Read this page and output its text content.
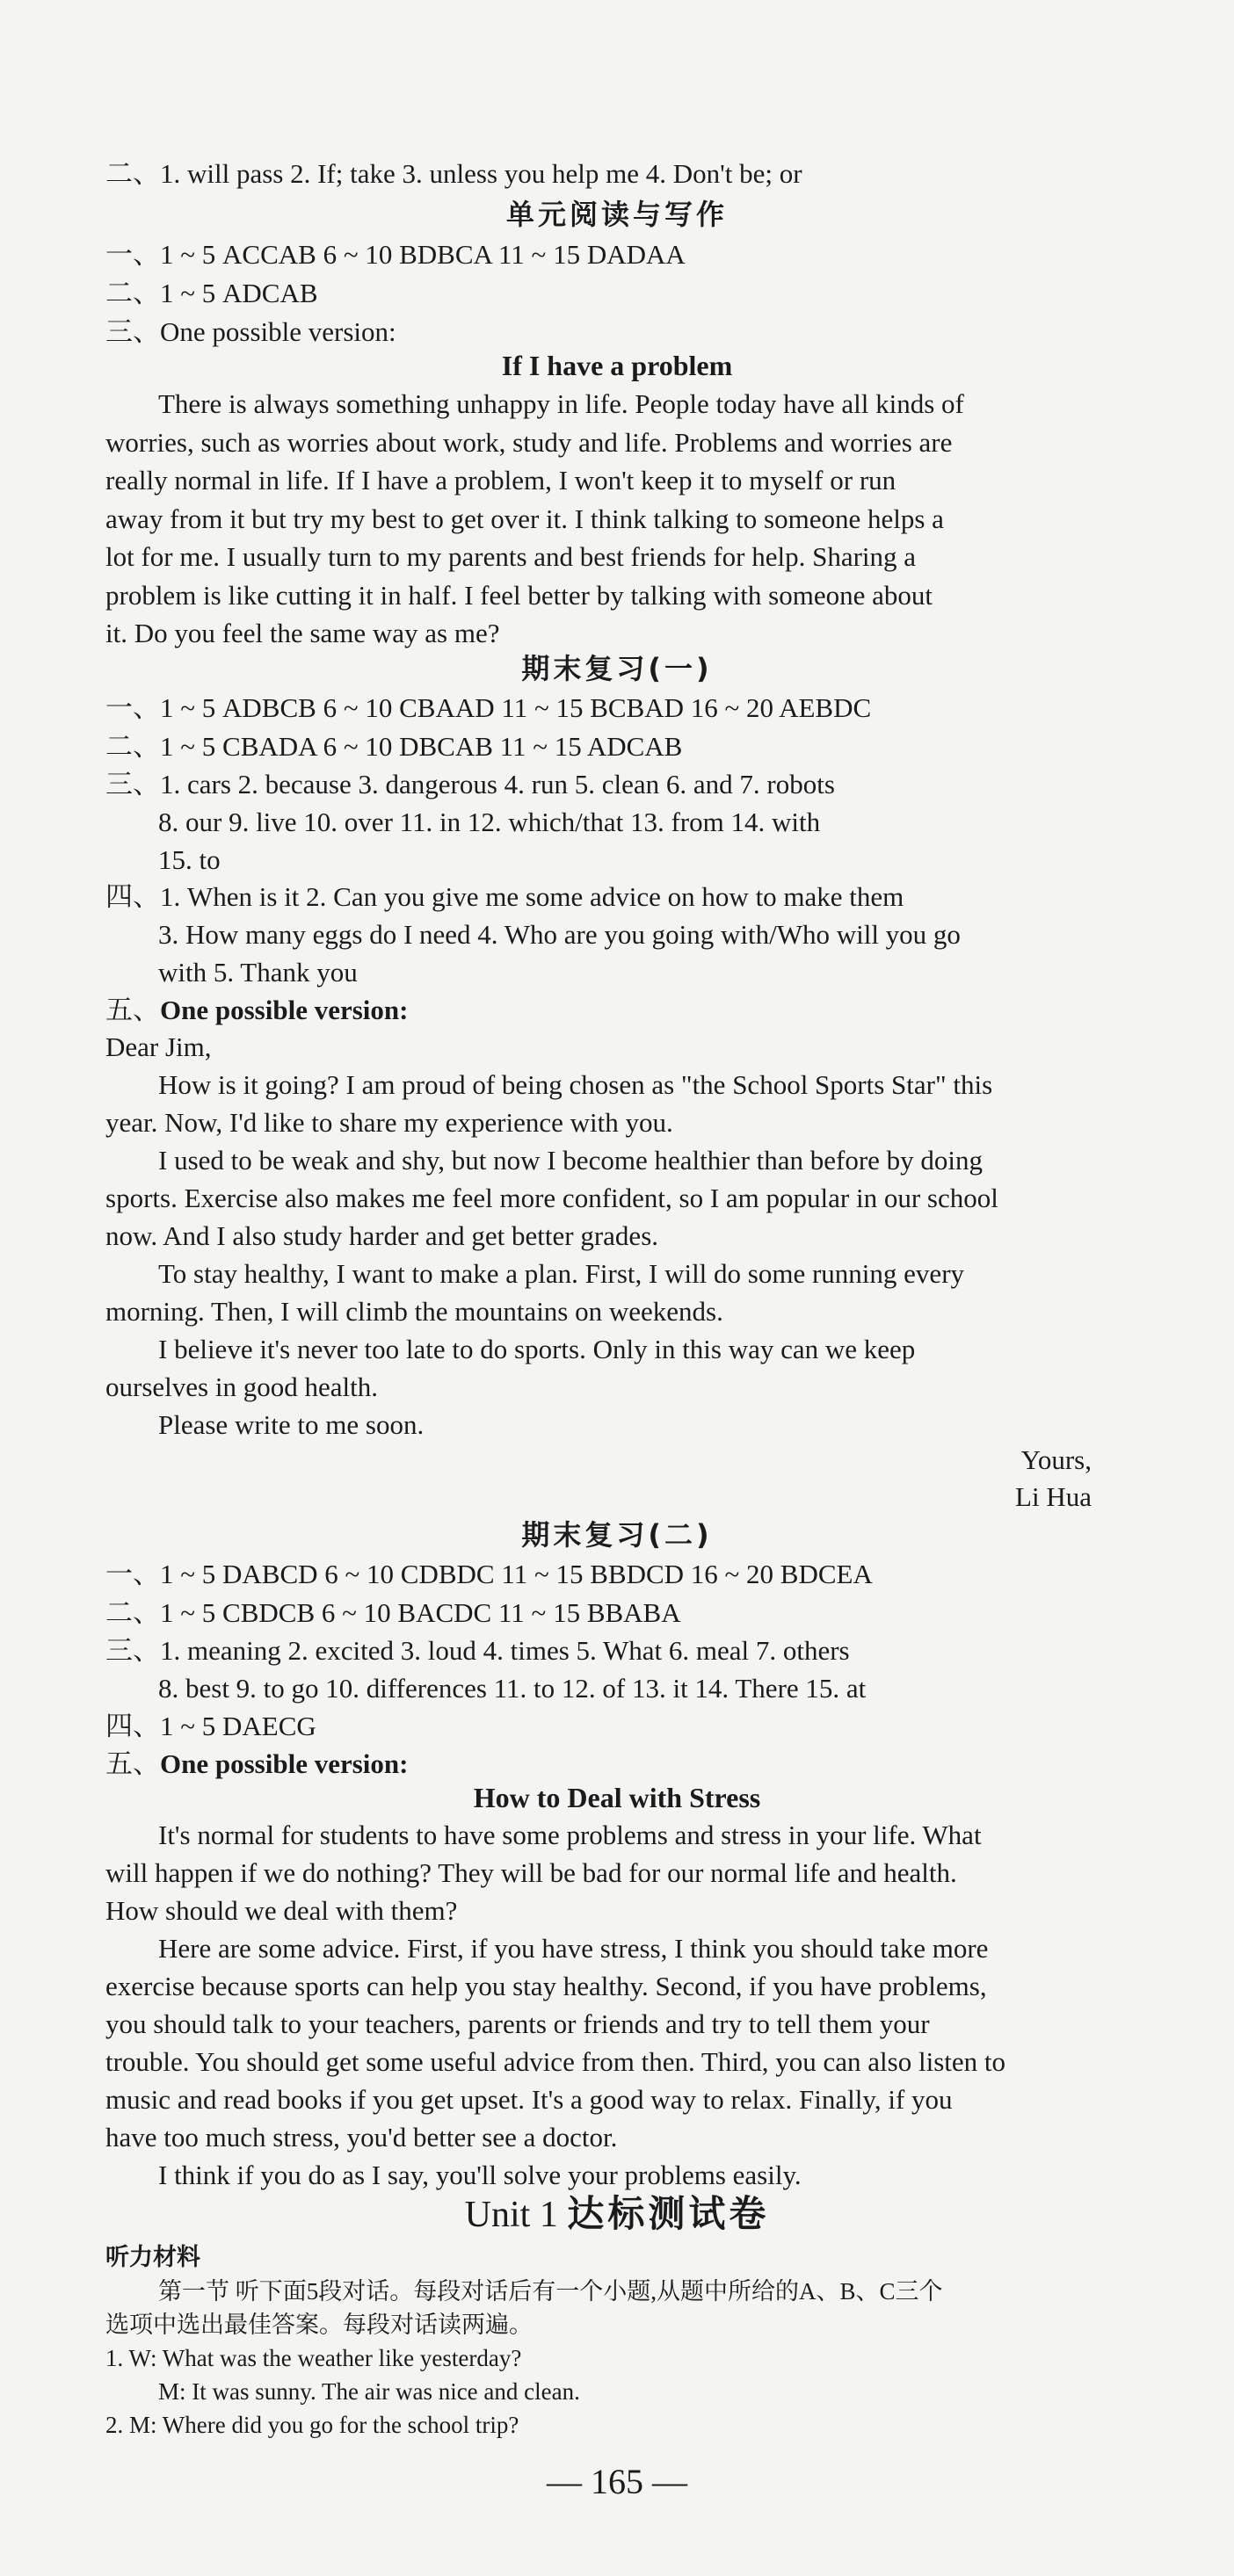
二、1. will pass 2. If; take 3. unless you help me 4. Don't be; or
单元阅读与写作
一、1 ~ 5 ACCAB 6 ~ 10 BDBCA 11 ~ 15 DADAA
二、1 ~ 5 ADCAB
三、One possible version:
If I have a problem
There is always something unhappy in life. People today have all kinds of
worries, such as worries about work, study and life. Problems and worries are
really normal in life. If I have a problem, I won't keep it to myself or run
away from it but try my best to get over it. I think talking to someone helps a
lot for me. I usually turn to my parents and best friends for help. Sharing a
problem is like cutting it in half. I feel better by talking with someone about
it. Do you feel the same way as me?
期末复习(一)
一、1 ~ 5 ADBCB 6 ~ 10 CBAAD 11 ~ 15 BCBAD 16 ~ 20 AEBDC
二、1 ~ 5 CBADA 6 ~ 10 DBCAB 11 ~ 15 ADCAB
三、1. cars 2. because 3. dangerous 4. run 5. clean 6. and 7. robots
8. our 9. live 10. over 11. in 12. which/that 13. from 14. with
15. to
四、1. When is it 2. Can you give me some advice on how to make them
3. How many eggs do I need 4. Who are you going with/Who will you go
with 5. Thank you
五、One possible version:
Dear Jim,
How is it going? I am proud of being chosen as "the School Sports Star" this
year. Now, I'd like to share my experience with you.
I used to be weak and shy, but now I become healthier than before by doing
sports. Exercise also makes me feel more confident, so I am popular in our school
now. And I also study harder and get better grades.
To stay healthy, I want to make a plan. First, I will do some running every
morning. Then, I will climb the mountains on weekends.
I believe it's never too late to do sports. Only in this way can we keep
ourselves in good health.
Please write to me soon.
Yours,
Li Hua
期末复习(二)
一、1 ~ 5 DABCD 6 ~ 10 CDBDC 11 ~ 15 BBDCD 16 ~ 20 BDCEA
二、1 ~ 5 CBDCB 6 ~ 10 BACDC 11 ~ 15 BBABA
三、1. meaning 2. excited 3. loud 4. times 5. What 6. meal 7. others
8. best 9. to go 10. differences 11. to 12. of 13. it 14. There 15. at
四、1 ~ 5 DAECG
五、One possible version:
How to Deal with Stress
It's normal for students to have some problems and stress in your life. What
will happen if we do nothing? They will be bad for our normal life and health.
How should we deal with them?
Here are some advice. First, if you have stress, I think you should take more
exercise because sports can help you stay healthy. Second, if you have problems,
you should talk to your teachers, parents or friends and try to tell them your
trouble. You should get some useful advice from then. Third, you can also listen to
music and read books if you get upset. It's a good way to relax. Finally, if you
have too much stress, you'd better see a doctor.
I think if you do as I say, you'll solve your problems easily.
Unit 1 达标测试卷
听力材料
第一节 听下面5段对话。每段对话后有一个小题,从题中所给的A、B、C三个
选项中选出最佳答案。每段对话读两遍。
1. W: What was the weather like yesterday?
M: It was sunny. The air was nice and clean.
2. M: Where did you go for the school trip?
— 165 —
